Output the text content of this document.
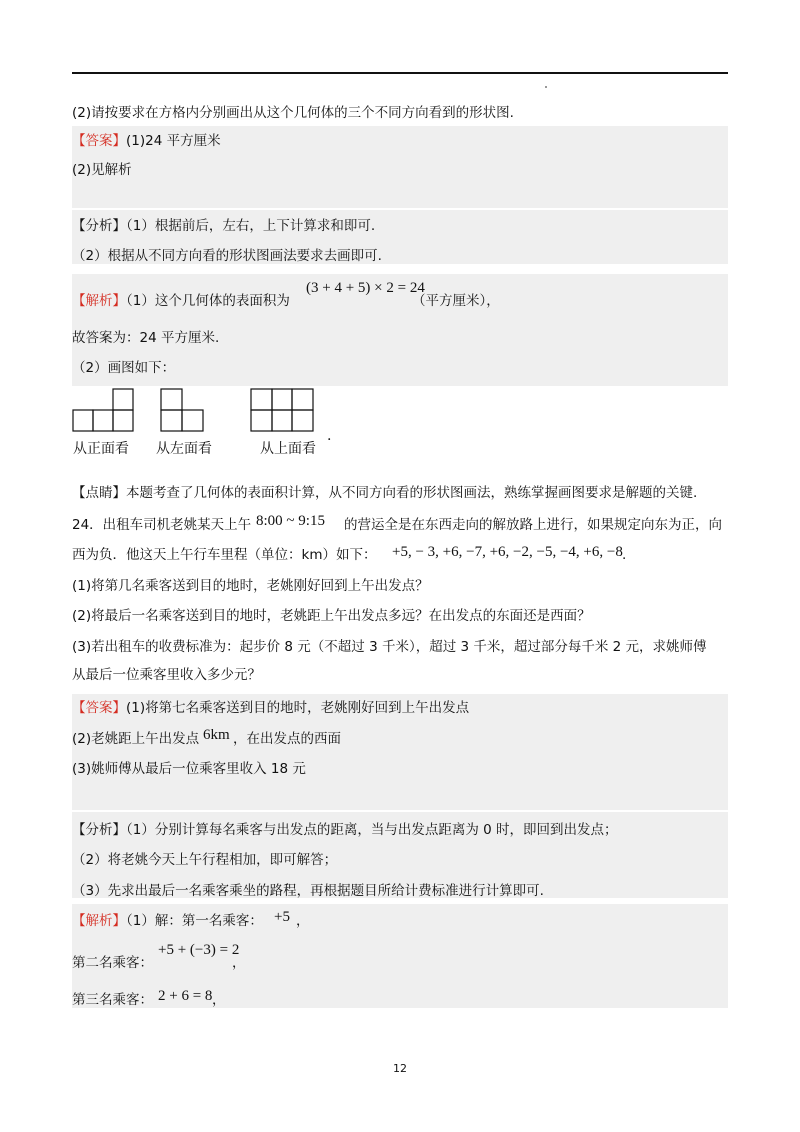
(2)请按要求在方格内分别画出从这个几何体的三个不同方向看到的形状图.
【答案】(1)24 平方厘米
(2)见解析
【分析】（1）根据前后，左右，上下计算求和即可.
（2）根据从不同方向看的形状图画法要求去画即可.
【解析】（1）这个几何体的表面积为
(3 + 4 + 5) × 2 = 24
（平方厘米），
故答案为：24 平方厘米.
（2）画图如下：
从正面看 从左面看	从上面看
.
【点睛】本题考查了几何体的表面积计算，从不同方向看的形状图画法，熟练掌握画图要求是解题的关键.
24．出租车司机老姚某天上午 8:00 ~ 9:15 的营运全是在东西走向的解放路上进行，如果规定向东为正，向
西为负．他这天上午行车里程（单位：km）如下： +5, − 3, +6, −7, +6, −2, −5, −4, +6, −8 .
(1)将第几名乘客送到目的地时，老姚刚好回到上午出发点？
(2)将最后一名乘客送到目的地时，老姚距上午出发点多远？在出发点的东面还是西面？
(3)若出租车的收费标准为：起步价 8 元（不超过 3 千米），超过 3 千米，超过部分每千米 2 元，求姚师傅
从最后一位乘客里收入多少元？
【答案】(1)将第七名乘客送到目的地时，老姚刚好回到上午出发点
(2)老姚距上午出发点 6km ，在出发点的西面
(3)姚师傅从最后一位乘客里收入 18 元
【分析】（1）分别计算每名乘客与出发点的距离，当与出发点距离为 0 时，即回到出发点；
（2）将老姚今天上午行程相加，即可解答；
（3）先求出最后一名乘客乘坐的路程，再根据题目所给计费标准进行计算即可.
【解析】（1）解：第一名乘客： +5 ，
第二名乘客：
+5 + (−3) = 2
，
第三名乘客： 2 + 6 = 8 ，
12
